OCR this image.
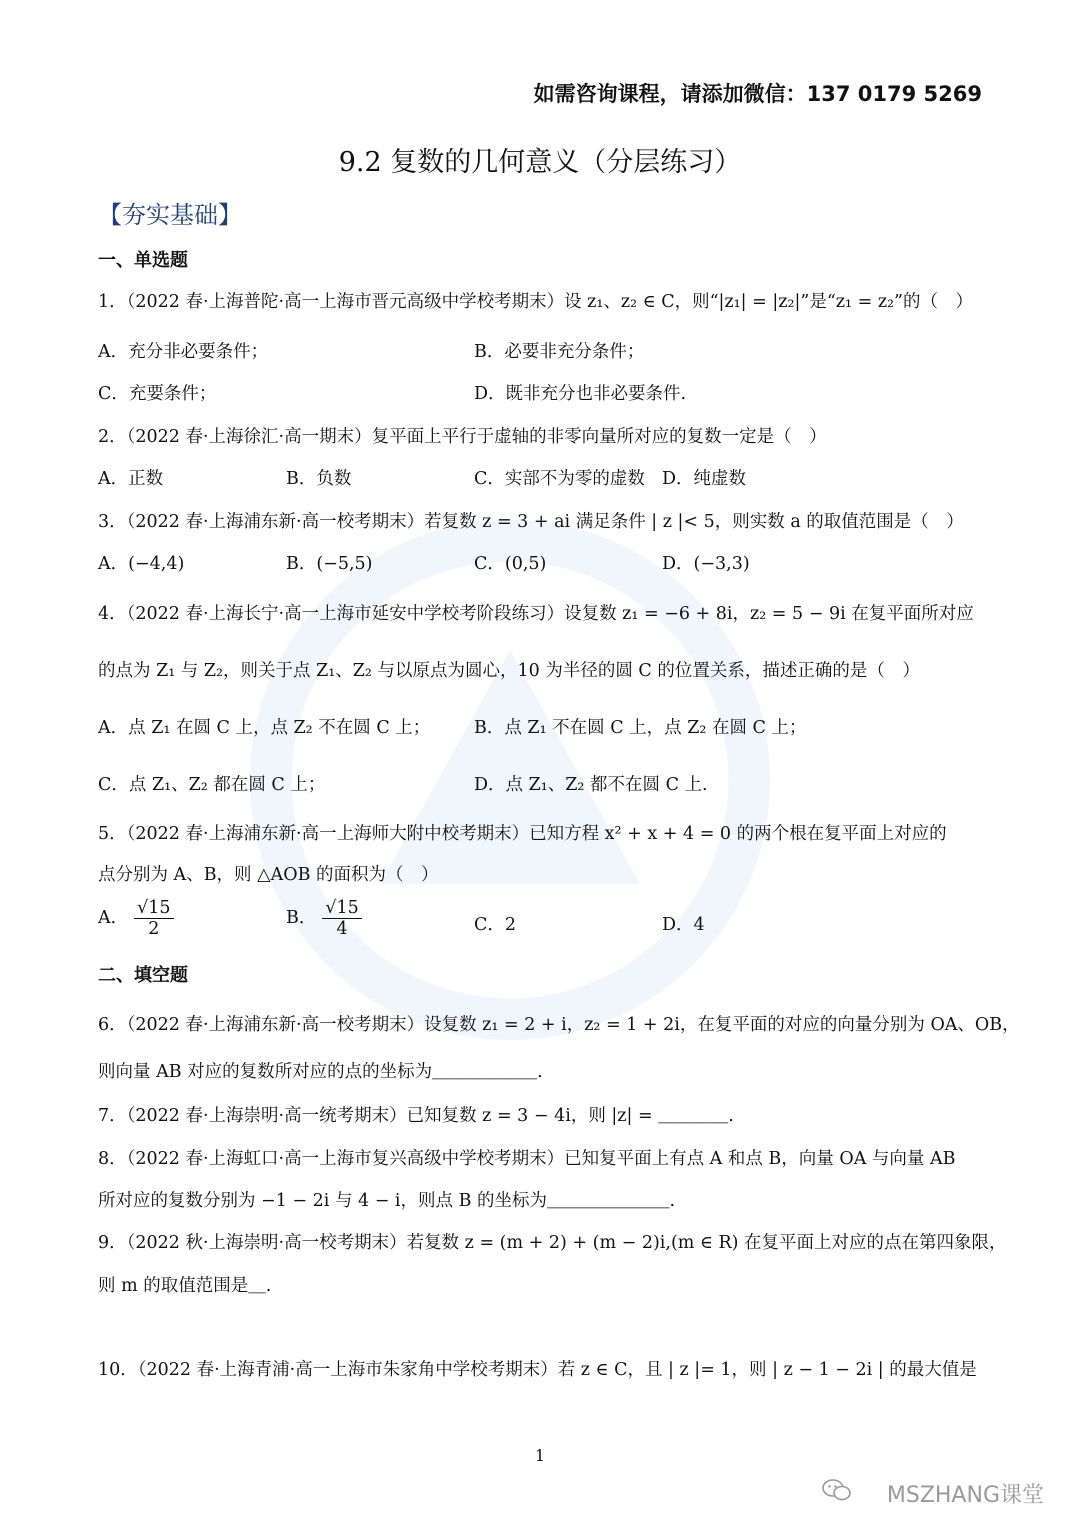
如需咨询课程，请添加微信：137 0179 5269
9.2 复数的几何意义（分层练习）
【夯实基础】
一、单选题
1．（2022 春·上海普陀·高一上海市晋元高级中学校考期末）设 z₁、z₂ ∈ C，则“|z₁| = |z₂|”是“z₁ = z₂”的（　）
A．充分非必要条件；	B．必要非充分条件；
C．充要条件；	D．既非充分也非必要条件.
2．（2022 春·上海徐汇·高一期末）复平面上平行于虚轴的非零向量所对应的复数一定是（　）
A．正数	B．负数	C．实部不为零的虚数 D．纯虚数
3．（2022 春·上海浦东新·高一校考期末）若复数 z = 3 + ai 满足条件 | z |< 5，则实数 a 的取值范围是（　）
A．(−4,4)	B．(−5,5)	C．(0,5)	D．(−3,3)
4．（2022 春·上海长宁·高一上海市延安中学校考阶段练习）设复数 z₁ = −6 + 8i，z₂ = 5 − 9i 在复平面所对应
的点为 Z₁ 与 Z₂，则关于点 Z₁、Z₂ 与以原点为圆心，10 为半径的圆 C 的位置关系，描述正确的是（　）
A．点 Z₁ 在圆 C 上，点 Z₂ 不在圆 C 上； B．点 Z₁ 不在圆 C 上，点 Z₂ 在圆 C 上；
C．点 Z₁、Z₂ 都在圆 C 上；	D．点 Z₁、Z₂ 都不在圆 C 上.
5．（2022 春·上海浦东新·高一上海师大附中校考期末）已知方程 x² + x + 4 = 0 的两个根在复平面上对应的
点分别为 A、B，则 △AOB 的面积为（　）
A． $\frac{√15}{2}$	B． $\frac{√15}{4}$	C．2	D．4
二、填空题
6．（2022 春·上海浦东新·高一校考期末）设复数 z₁ = 2 + i，z₂ = 1 + 2i，在复平面的对应的向量分别为 OA、OB，
则向量 AB 对应的复数所对应的点的坐标为＿＿＿＿＿＿.
7．（2022 春·上海崇明·高一统考期末）已知复数 z = 3 − 4i，则 |z| = ＿＿＿＿.
8．（2022 春·上海虹口·高一上海市复兴高级中学校考期末）已知复平面上有点 A 和点 B，向量 OA 与向量 AB
所对应的复数分别为 −1 − 2i 与 4 − i，则点 B 的坐标为＿＿＿＿＿＿＿.
9．（2022 秋·上海崇明·高一校考期末）若复数 z = (m + 2) + (m − 2)i,(m ∈ R) 在复平面上对应的点在第四象限，
则 m 的取值范围是＿.
10．（2022 春·上海青浦·高一上海市朱家角中学校考期末）若 z ∈ C，且 | z |= 1，则 | z − 1 − 2i | 的最大值是
1
MSZHANG课堂
